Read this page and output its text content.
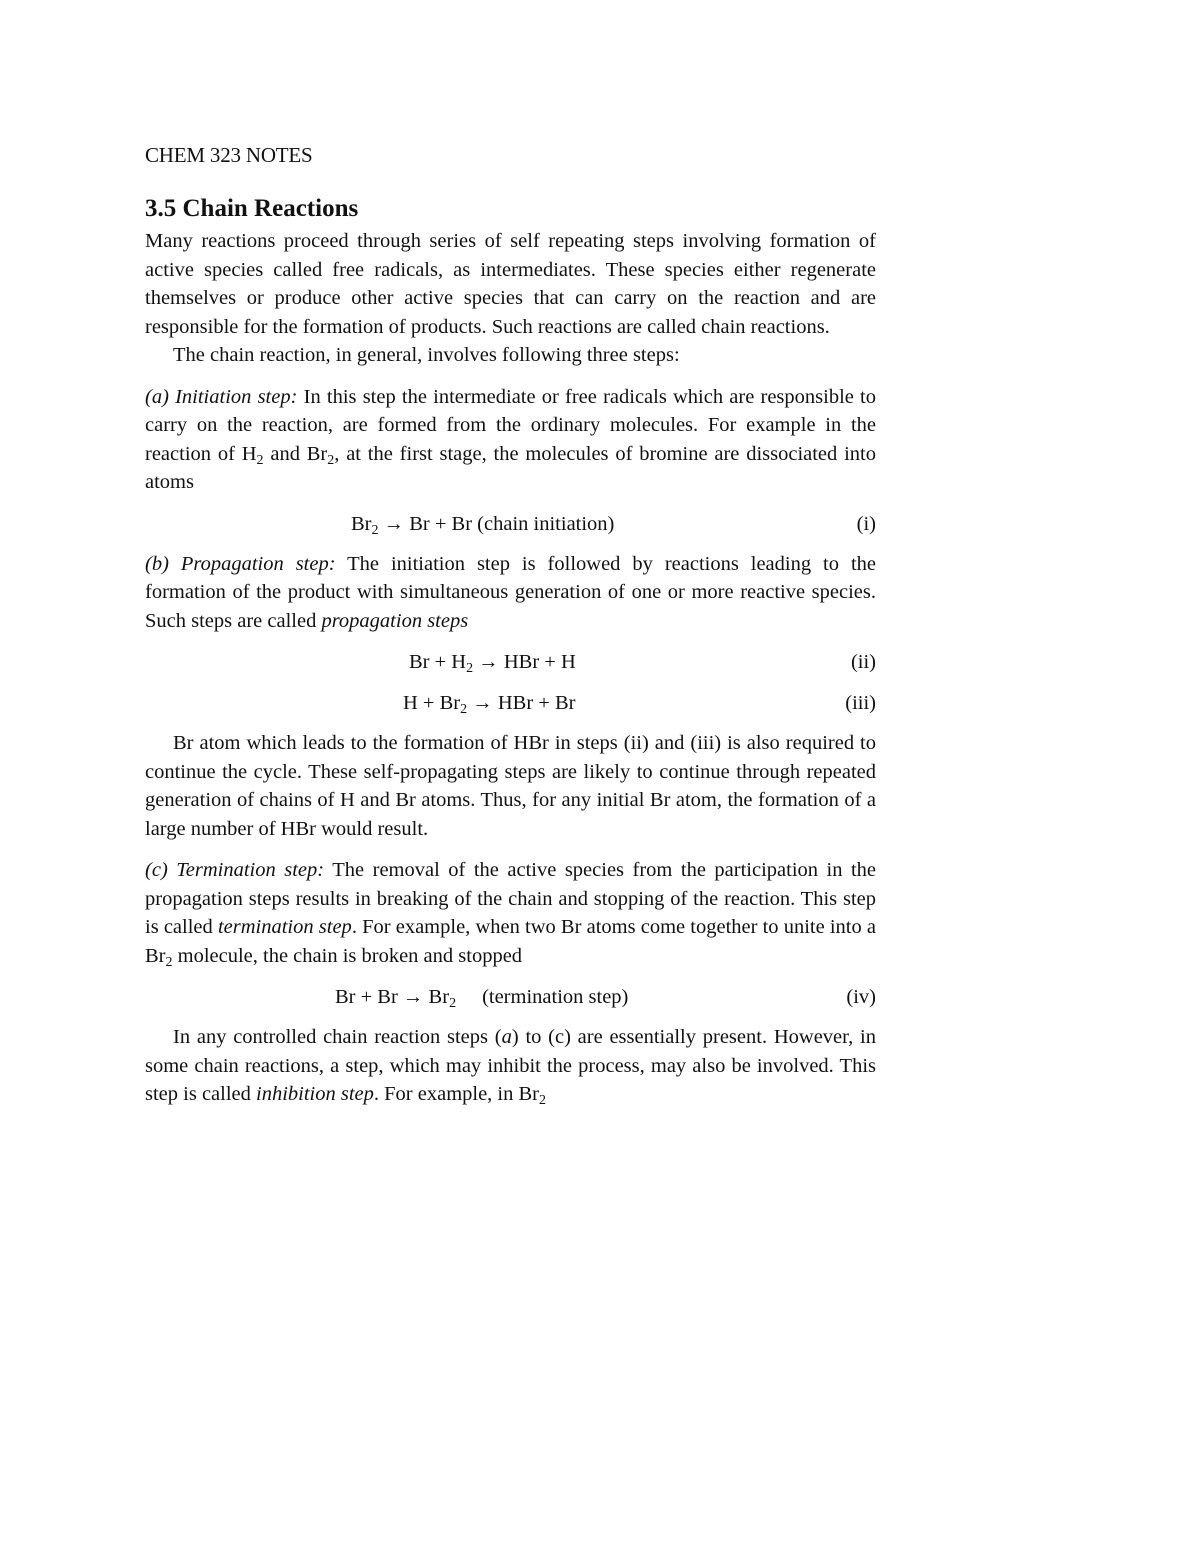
CHEM 323 NOTES
3.5 Chain Reactions

Many reactions proceed through series of self repeating steps involving formation of active species called free radicals, as intermediates. These species either regenerate themselves or produce other active species that can carry on the reaction and are responsible for the formation of products. Such reactions are called chain reactions.

The chain reaction, in general, involves following three steps:

(a) Initiation step: In this step the intermediate or free radicals which are responsible to carry on the reaction, are formed from the ordinary molecules. For example in the reaction of $H_2$ and $Br_2$, at the first stage, the molecules of bromine are dissociated into atoms

$Br_2 \to Br + Br$ (chain initiation)	(i)

(b) Propagation step: The initiation step is followed by reactions leading to the formation of the product with simultaneous generation of one or more reactive species. Such steps are called propagation steps

$Br + H_2$ → HBr + H	(ii)
$H + Br_2$ → HBr + Br	(iii)

Br atom which leads to the formation of HBr in steps (ii) and (iii) is also required to continue the cycle. These self-propagating steps are likely to continue through repeated generation of chains of H and Br atoms. Thus, for any initial Br atom, the formation of a large number of HBr would result.

(c) Termination step: The removal of the active species from the participation in the propagation steps results in breaking of the chain and stopping of the reaction. This step is called termination step. For example, when two Br atoms come together to unite into a $Br_2$ molecule, the chain is broken and stopped

$Br + Br \to Br_2$ (termination step)	(iv)

In any controlled chain reaction steps (a) to (c) are essentially present. However, in some chain reactions, a step, which may inhibit the process, may also be involved. This step is called inhibition step. For example, in $Br_2$
